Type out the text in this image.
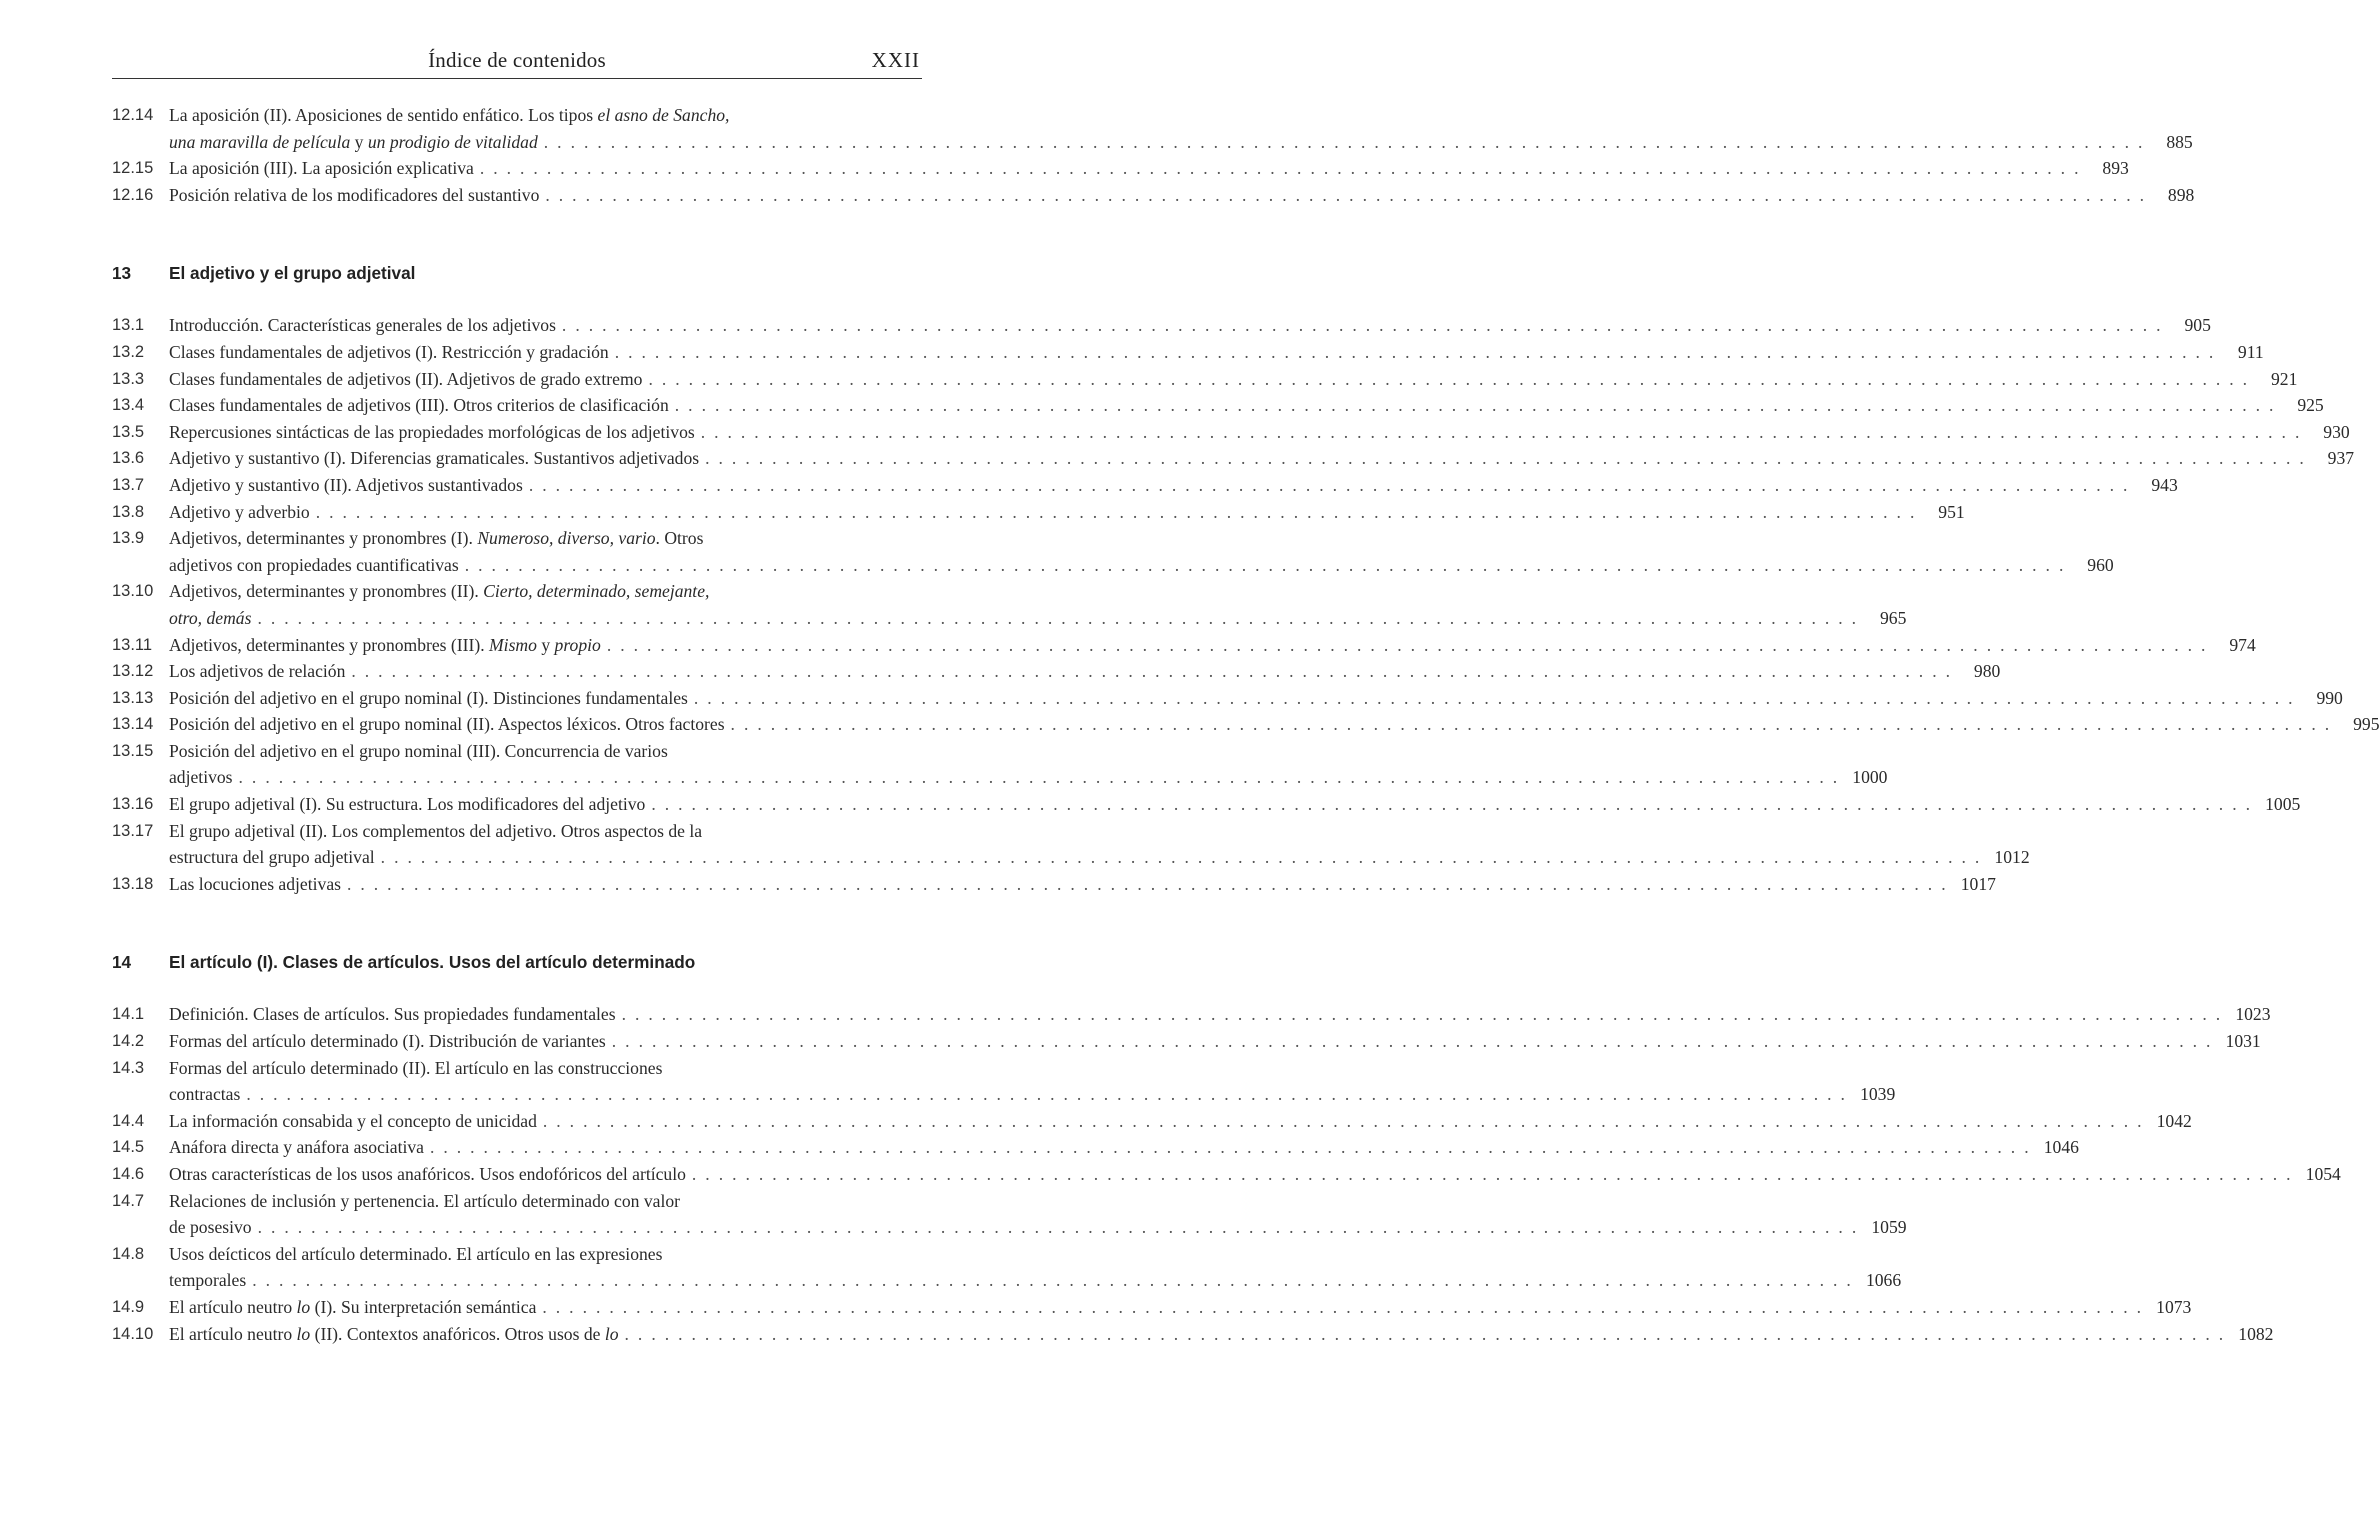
Índice de contenidos	XXII
12.14 La aposición (II). Aposiciones de sentido enfático. Los tipos el asno de Sancho,
una maravilla de película y un prodigio de vitalidad . . . . . . . . . . . . . . . . . . . . . . . . . . . . . . . . . . . . . . . . . . . . . . . . . . . . . . . . . . . . . . . . . . . . . . . . . . . . . . . . . . . . . . . . . . . . . . . . . . . . . . . . . . . . . . . . . . . . . . . .	885
12.15 La aposición (III). La aposición explicativa . . . . . . . . . . . . . . . . . . . . . . . . . . . . . . . . . . . . . . . . . . . . . . . . . . . . . . . . . . . . . . . . . . . . . . . . . . . . . . . . . . . . . . . . . . . . . . . . . . . . . . . . . . . . . . . . . . . . . . . .	893
12.16 Posición relativa de los modificadores del sustantivo . . . . . . . . . . . . . . . . . . . . . . . . . . . . . . . . . . . . . . . . . . . . . . . . . . . . . . . . . . . . . . . . . . . . . . . . . . . . . . . . . . . . . . . . . . . . . . . . . . . . . . . . . . . . . . . . . . . . . . . .	898
13	El adjetivo y el grupo adjetival
13.1	Introducción. Características generales de los adjetivos . . . . . . . . . . . . . . . . . . . . . . . . . . . . . . . . . . . . . . . . . . . . . . . . . . . . . . . . . . . . . . . . . . . . . . . . . . . . . . . . . . . . . . . . . . . . . . . . . . . . . . . . . . . . . . . . . . . . . . . .	905
13.2	Clases fundamentales de adjetivos (I). Restricción y gradación . . . . . . . . . . . . . . . . . . . . . . . . . . . . . . . . . . . . . . . . . . . . . . . . . . . . . . . . . . . . . . . . . . . . . . . . . . . . . . . . . . . . . . . . . . . . . . . . . . . . . . . . . . . . . . . . . . . . . . . .	911
13.3	Clases fundamentales de adjetivos (II). Adjetivos de grado extremo . . . . . . . . . . . . . . . . . . . . . . . . . . . . . . . . . . . . . . . . . . . . . . . . . . . . . . . . . . . . . . . . . . . . . . . . . . . . . . . . . . . . . . . . . . . . . . . . . . . . . . . . . . . . . . . . . . . . . . . .	921
13.4	Clases fundamentales de adjetivos (III). Otros criterios de clasificación . . . . . . . . . . . . . . . . . . . . . . . . . . . . . . . . . . . . . . . . . . . . . . . . . . . . . . . . . . . . . . . . . . . . . . . . . . . . . . . . . . . . . . . . . . . . . . . . . . . . . . . . . . . . . . . . . . . . . . . .	925
13.5	Repercusiones sintácticas de las propiedades morfológicas de los adjetivos . . . . . . . . . . . . . . . . . . . . . . . . . . . . . . . . . . . . . . . . . . . . . . . . . . . . . . . . . . . . . . . . . . . . . . . . . . . . . . . . . . . . . . . . . . . . . . . . . . . . . . . . . . . . . . . . . . . . . . . .	930
13.6	Adjetivo y sustantivo (I). Diferencias gramaticales. Sustantivos adjetivados . . . . . . . . . . . . . . . . . . . . . . . . . . . . . . . . . . . . . . . . . . . . . . . . . . . . . . . . . . . . . . . . . . . . . . . . . . . . . . . . . . . . . . . . . . . . . . . . . . . . . . . . . . . . . . . . . . . . . . . .	937
13.7	Adjetivo y sustantivo (II). Adjetivos sustantivados . . . . . . . . . . . . . . . . . . . . . . . . . . . . . . . . . . . . . . . . . . . . . . . . . . . . . . . . . . . . . . . . . . . . . . . . . . . . . . . . . . . . . . . . . . . . . . . . . . . . . . . . . . . . . . . . . . . . . . . .	943
13.8	Adjetivo y adverbio . . . . . . . . . . . . . . . . . . . . . . . . . . . . . . . . . . . . . . . . . . . . . . . . . . . . . . . . . . . . . . . . . . . . . . . . . . . . . . . . . . . . . . . . . . . . . . . . . . . . . . . . . . . . . . . . . . . . . . . .	951
13.9	Adjetivos, determinantes y pronombres (I). Numeroso, diverso, vario. Otros
adjetivos con propiedades cuantificativas . . . . . . . . . . . . . . . . . . . . . . . . . . . . . . . . . . . . . . . . . . . . . . . . . . . . . . . . . . . . . . . . . . . . . . . . . . . . . . . . . . . . . . . . . . . . . . . . . . . . . . . . . . . . . . . . . . . . . . . .	960
13.10 Adjetivos, determinantes y pronombres (II). Cierto, determinado, semejante,
otro, demás . . . . . . . . . . . . . . . . . . . . . . . . . . . . . . . . . . . . . . . . . . . . . . . . . . . . . . . . . . . . . . . . . . . . . . . . . . . . . . . . . . . . . . . . . . . . . . . . . . . . . . . . . . . . . . . . . . . . . . . .	965
13.11 Adjetivos, determinantes y pronombres (III). Mismo y propio . . . . . . . . . . . . . . . . . . . . . . . . . . . . . . . . . . . . . . . . . . . . . . . . . . . . . . . . . . . . . . . . . . . . . . . . . . . . . . . . . . . . . . . . . . . . . . . . . . . . . . . . . . . . . . . . . . . . . . . .	974
13.12 Los adjetivos de relación . . . . . . . . . . . . . . . . . . . . . . . . . . . . . . . . . . . . . . . . . . . . . . . . . . . . . . . . . . . . . . . . . . . . . . . . . . . . . . . . . . . . . . . . . . . . . . . . . . . . . . . . . . . . . . . . . . . . . . . .	980
13.13 Posición del adjetivo en el grupo nominal (I). Distinciones fundamentales . . . . . . . . . . . . . . . . . . . . . . . . . . . . . . . . . . . . . . . . . . . . . . . . . . . . . . . . . . . . . . . . . . . . . . . . . . . . . . . . . . . . . . . . . . . . . . . . . . . . . . . . . . . . . . . . . . . . . . . .	990
13.14 Posición del adjetivo en el grupo nominal (II). Aspectos léxicos. Otros factores . . . . . . . . . . . . . . . . . . . . . . . . . . . . . . . . . . . . . . . . . . . . . . . . . . . . . . . . . . . . . . . . . . . . . . . . . . . . . . . . . . . . . . . . . . . . . . . . . . . . . . . . . . . . . . . . . . . . . . . .	995
13.15 Posición del adjetivo en el grupo nominal (III). Concurrencia de varios
adjetivos . . . . . . . . . . . . . . . . . . . . . . . . . . . . . . . . . . . . . . . . . . . . . . . . . . . . . . . . . . . . . . . . . . . . . . . . . . . . . . . . . . . . . . . . . . . . . . . . . . . . . . . . . . . . . . . . . . . . . . . . 1000
13.16 El grupo adjetival (I). Su estructura. Los modificadores del adjetivo . . . . . . . . . . . . . . . . . . . . . . . . . . . . . . . . . . . . . . . . . . . . . . . . . . . . . . . . . . . . . . . . . . . . . . . . . . . . . . . . . . . . . . . . . . . . . . . . . . . . . . . . . . . . . . . . . . . . . . . . 1005
13.17 El grupo adjetival (II). Los complementos del adjetivo. Otros aspectos de la
estructura del grupo adjetival . . . . . . . . . . . . . . . . . . . . . . . . . . . . . . . . . . . . . . . . . . . . . . . . . . . . . . . . . . . . . . . . . . . . . . . . . . . . . . . . . . . . . . . . . . . . . . . . . . . . . . . . . . . . . . . . . . . . . . . . 1012
13.18 Las locuciones adjetivas . . . . . . . . . . . . . . . . . . . . . . . . . . . . . . . . . . . . . . . . . . . . . . . . . . . . . . . . . . . . . . . . . . . . . . . . . . . . . . . . . . . . . . . . . . . . . . . . . . . . . . . . . . . . . . . . . . . . . . . . 1017
14	El artículo (I). Clases de artículos. Usos del artículo determinado
14.1	Definición. Clases de artículos. Sus propiedades fundamentales . . . . . . . . . . . . . . . . . . . . . . . . . . . . . . . . . . . . . . . . . . . . . . . . . . . . . . . . . . . . . . . . . . . . . . . . . . . . . . . . . . . . . . . . . . . . . . . . . . . . . . . . . . . . . . . . . . . . . . . . 1023
14.2	Formas del artículo determinado (I). Distribución de variantes . . . . . . . . . . . . . . . . . . . . . . . . . . . . . . . . . . . . . . . . . . . . . . . . . . . . . . . . . . . . . . . . . . . . . . . . . . . . . . . . . . . . . . . . . . . . . . . . . . . . . . . . . . . . . . . . . . . . . . . . 1031
14.3	Formas del artículo determinado (II). El artículo en las construcciones
contractas . . . . . . . . . . . . . . . . . . . . . . . . . . . . . . . . . . . . . . . . . . . . . . . . . . . . . . . . . . . . . . . . . . . . . . . . . . . . . . . . . . . . . . . . . . . . . . . . . . . . . . . . . . . . . . . . . . . . . . . . 1039
14.4	La información consabida y el concepto de unicidad . . . . . . . . . . . . . . . . . . . . . . . . . . . . . . . . . . . . . . . . . . . . . . . . . . . . . . . . . . . . . . . . . . . . . . . . . . . . . . . . . . . . . . . . . . . . . . . . . . . . . . . . . . . . . . . . . . . . . . . . 1042
14.5	Anáfora directa y anáfora asociativa . . . . . . . . . . . . . . . . . . . . . . . . . . . . . . . . . . . . . . . . . . . . . . . . . . . . . . . . . . . . . . . . . . . . . . . . . . . . . . . . . . . . . . . . . . . . . . . . . . . . . . . . . . . . . . . . . . . . . . . . 1046
14.6	Otras características de los usos anafóricos. Usos endofóricos del artículo . . . . . . . . . . . . . . . . . . . . . . . . . . . . . . . . . . . . . . . . . . . . . . . . . . . . . . . . . . . . . . . . . . . . . . . . . . . . . . . . . . . . . . . . . . . . . . . . . . . . . . . . . . . . . . . . . . . . . . . . 1054
14.7	Relaciones de inclusión y pertenencia. El artículo determinado con valor
de posesivo . . . . . . . . . . . . . . . . . . . . . . . . . . . . . . . . . . . . . . . . . . . . . . . . . . . . . . . . . . . . . . . . . . . . . . . . . . . . . . . . . . . . . . . . . . . . . . . . . . . . . . . . . . . . . . . . . . . . . . . . 1059
14.8	Usos deícticos del artículo determinado. El artículo en las expresiones
temporales . . . . . . . . . . . . . . . . . . . . . . . . . . . . . . . . . . . . . . . . . . . . . . . . . . . . . . . . . . . . . . . . . . . . . . . . . . . . . . . . . . . . . . . . . . . . . . . . . . . . . . . . . . . . . . . . . . . . . . . . 1066
14.9	El artículo neutro lo (I). Su interpretación semántica . . . . . . . . . . . . . . . . . . . . . . . . . . . . . . . . . . . . . . . . . . . . . . . . . . . . . . . . . . . . . . . . . . . . . . . . . . . . . . . . . . . . . . . . . . . . . . . . . . . . . . . . . . . . . . . . . . . . . . . . 1073
14.10 El artículo neutro lo (II). Contextos anafóricos. Otros usos de lo . . . . . . . . . . . . . . . . . . . . . . . . . . . . . . . . . . . . . . . . . . . . . . . . . . . . . . . . . . . . . . . . . . . . . . . . . . . . . . . . . . . . . . . . . . . . . . . . . . . . . . . . . . . . . . . . . . . . . . . . 1082
